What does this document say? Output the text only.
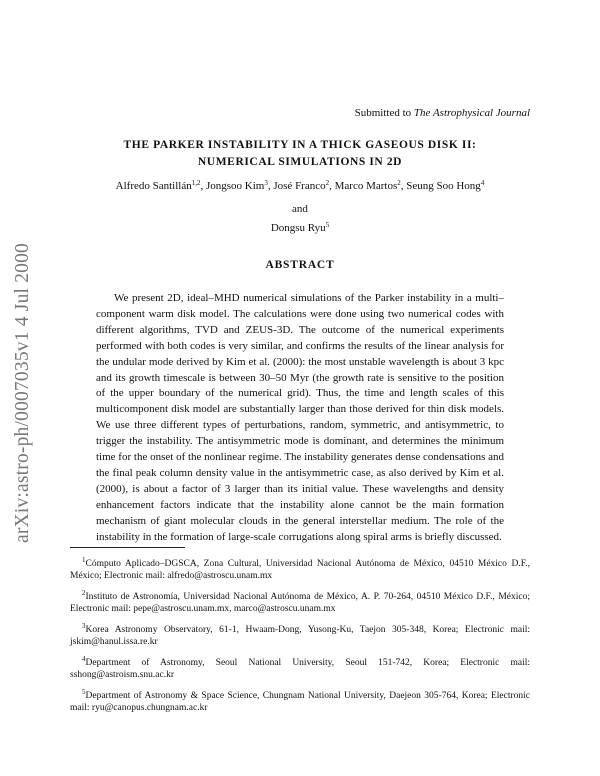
arXiv:astro-ph/0007035v1 4 Jul 2000
Submitted to The Astrophysical Journal
THE PARKER INSTABILITY IN A THICK GASEOUS DISK II:
NUMERICAL SIMULATIONS IN 2D
Alfredo Santillán$^{1,2}$, Jongsoo Kim$^3$, José Franco$^2$, Marco Martos$^2$, Seung Soo Hong$^4$
and
Dongsu Ryu$^5$
ABSTRACT
We present 2D, ideal–MHD numerical simulations of the Parker instability in a multi–component warm disk model. The calculations were done using two numerical codes with different algorithms, TVD and ZEUS-3D. The outcome of the numerical experiments performed with both codes is very similar, and confirms the results of the linear analysis for the undular mode derived by Kim et al. (2000): the most unstable wavelength is about 3 kpc and its growth timescale is between 30–50 Myr (the growth rate is sensitive to the position of the upper boundary of the numerical grid). Thus, the time and length scales of this multicomponent disk model are substantially larger than those derived for thin disk models. We use three different types of perturbations, random, symmetric, and antisymmetric, to trigger the instability. The antisymmetric mode is dominant, and determines the minimum time for the onset of the nonlinear regime. The instability generates dense condensations and the final peak column density value in the antisymmetric case, as also derived by Kim et al. (2000), is about a factor of 3 larger than its initial value. These wavelengths and density enhancement factors indicate that the instability alone cannot be the main formation mechanism of giant molecular clouds in the general interstellar medium. The role of the instability in the formation of large-scale corrugations along spiral arms is briefly discussed.
$^1$Cómputo Aplicado–DGSCA, Zona Cultural, Universidad Nacional Autónoma de México, 04510 México D.F., México; Electronic mail: alfredo@astroscu.unam.mx
$^2$Instituto de Astronomía, Universidad Nacional Autónoma de México, A. P. 70-264, 04510 México D.F., México; Electronic mail: pepe@astroscu.unam.mx, marco@astroscu.unam.mx
$^3$Korea Astronomy Observatory, 61-1, Hwaam-Dong, Yusong-Ku, Taejon 305-348, Korea; Electronic mail: jskim@hanul.issa.re.kr
$^4$Department of Astronomy, Seoul National University, Seoul 151-742, Korea; Electronic mail: sshong@astroism.snu.ac.kr
$^5$Department of Astronomy & Space Science, Chungnam National University, Daejeon 305-764, Korea; Electronic mail: ryu@canopus.chungnam.ac.kr
